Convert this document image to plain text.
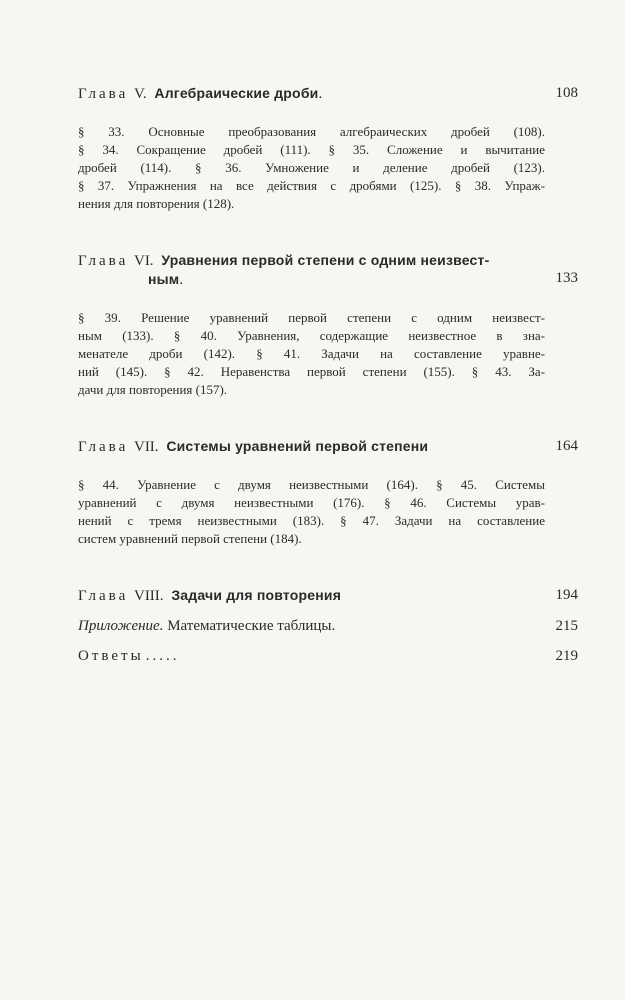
Глава V. Алгебраические дроби.	108
§ 33. Основные преобразования алгебраических дробей (108).
§ 34. Сокращение дробей (111). § 35. Сложение и вычитание
дробей (114). § 36. Умножение и деление дробей (123).
§ 37. Упражнения на все действия с дробями (125). § 38. Упраж-
нения для повторения (128).
Глава VI. Уравнения первой степени с одним неизвест-
ным.	133
§ 39. Решение уравнений первой степени с одним неизвест-
ным (133). § 40. Уравнения, содержащие неизвестное в зна-
менателе дроби (142). § 41. Задачи на составление уравне-
ний (145). § 42. Неравенства первой степени (155). § 43. За-
дачи для повторения (157).
Глава VII. Системы уравнений первой степени	164
§ 44. Уравнение с двумя неизвестными (164). § 45. Системы
уравнений с двумя неизвестными (176). § 46. Системы урав-
нений с тремя неизвестными (183). § 47. Задачи на составление
систем уравнений первой степени (184).
Глава VIII. Задачи для повторения	194
Приложение. Математические таблицы.	215
Ответы .....	219
